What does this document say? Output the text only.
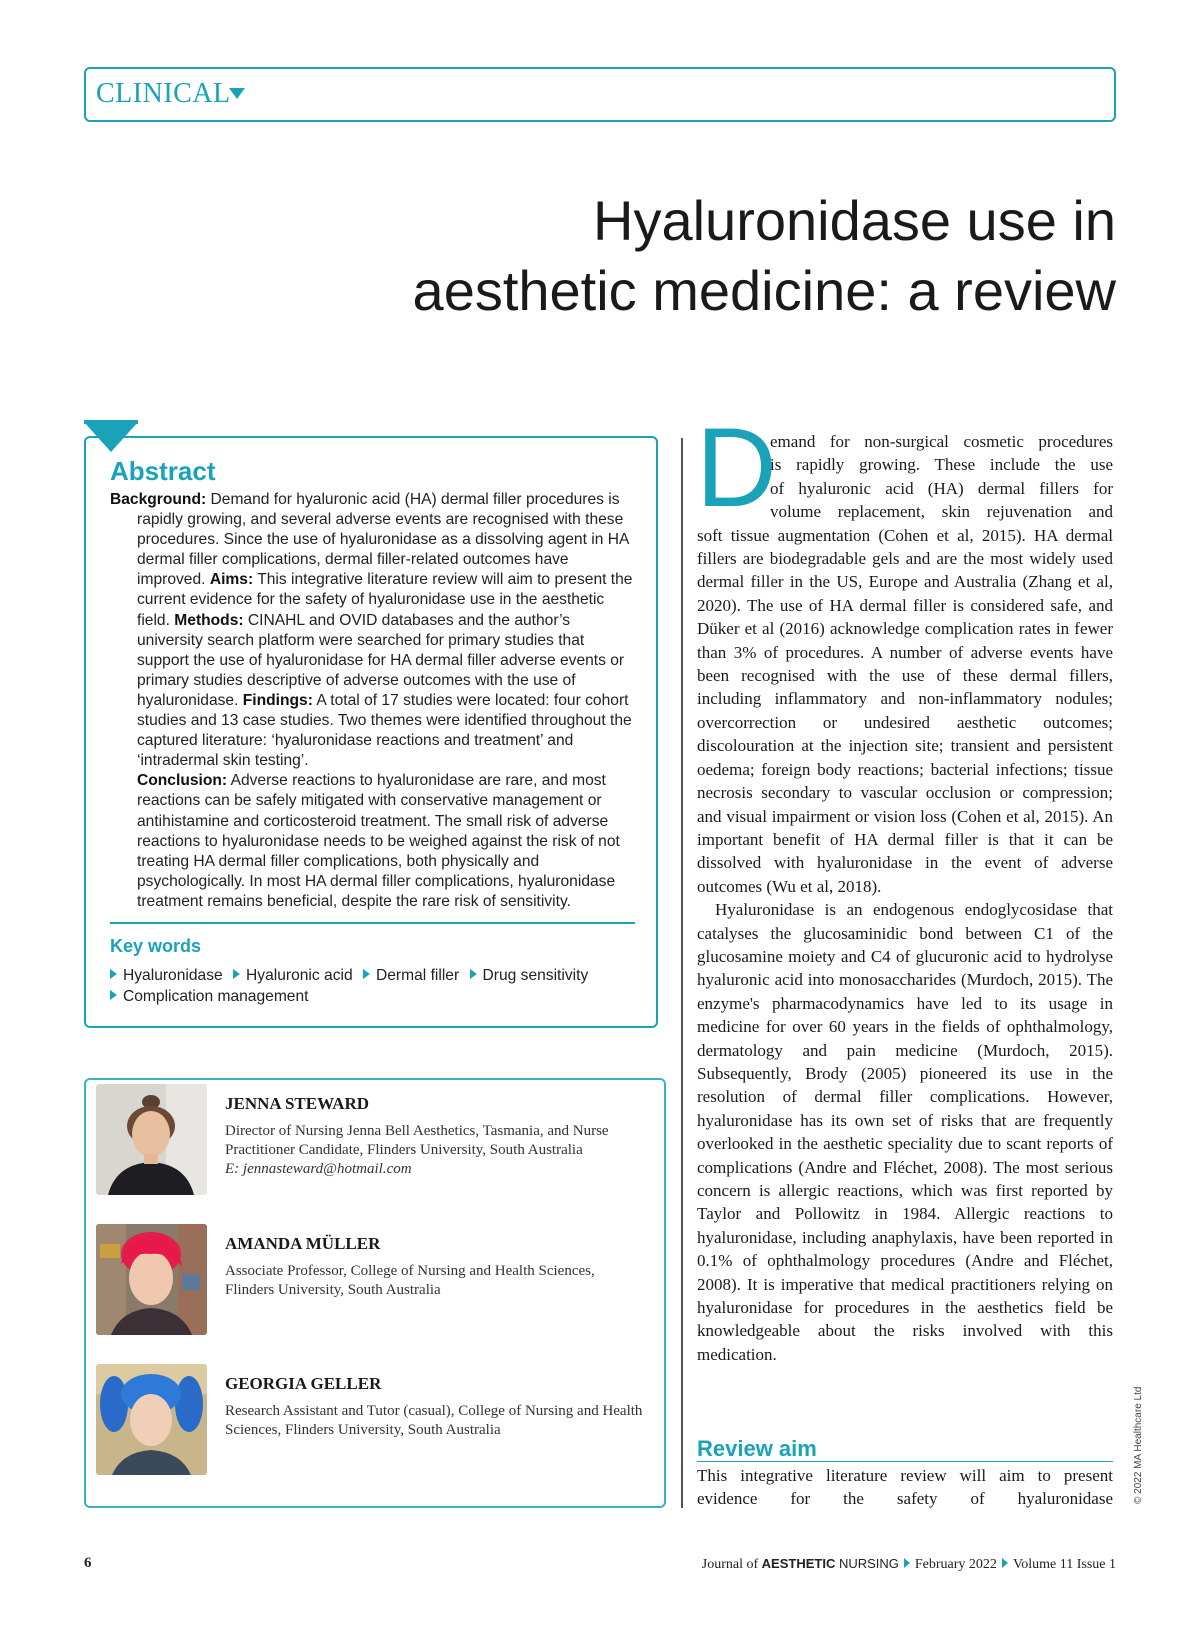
CLINICAL
Hyaluronidase use in aesthetic medicine: a review
Abstract

Background: Demand for hyaluronic acid (HA) dermal filler procedures is rapidly growing, and several adverse events are recognised with these procedures. Since the use of hyaluronidase as a dissolving agent in HA dermal filler complications, dermal filler-related outcomes have improved. Aims: This integrative literature review will aim to present the current evidence for the safety of hyaluronidase use in the aesthetic field. Methods: CINAHL and OVID databases and the author’s university search platform were searched for primary studies that support the use of hyaluronidase for HA dermal filler adverse events or primary studies descriptive of adverse outcomes with the use of hyaluronidase. Findings: A total of 17 studies were located: four cohort studies and 13 case studies. Two themes were identified throughout the captured literature: ‘hyaluronidase reactions and treatment’ and ‘intradermal skin testing’.

Conclusion: Adverse reactions to hyaluronidase are rare, and most reactions can be safely mitigated with conservative management or antihistamine and corticosteroid treatment. The small risk of adverse reactions to hyaluronidase needs to be weighed against the risk of not treating HA dermal filler complications, both physically and psychologically. In most HA dermal filler complications, hyaluronidase treatment remains beneficial, despite the rare risk of sensitivity.

Key words
Hyaluronidase Hyaluronic acid Dermal filler Drug sensitivity
Complication management
JENNA STEWARD
Director of Nursing Jenna Bell Aesthetics, Tasmania, and Nurse Practitioner Candidate, Flinders University, South Australia
E: jennasteward@hotmail.com
AMANDA MÜLLER
Associate Professor, College of Nursing and Health Sciences, Flinders University, South Australia
GEORGIA GELLER
Research Assistant and Tutor (casual), College of Nursing and Health Sciences, Flinders University, South Australia
D

emand for non-surgical cosmetic procedures

is rapidly growing. These include the use

of hyaluronic acid (HA) dermal fillers for

volume replacement, skin rejuvenation and

soft tissue augmentation (Cohen et al, 2015). HA dermal fillers are biodegradable gels and are the most widely used dermal filler in the US, Europe and Australia (Zhang et al, 2020). The use of HA dermal filler is considered safe, and Düker et al (2016) acknowledge complication rates in fewer than 3% of procedures. A number of adverse events have been recognised with the use of these dermal fillers, including inflammatory and non-inflammatory nodules; overcorrection or undesired aesthetic outcomes; discolouration at the injection site; transient and persistent oedema; foreign body reactions; bacterial infections; tissue necrosis secondary to vascular occlusion or compression; and visual impairment or vision loss (Cohen et al, 2015). An important benefit of HA dermal filler is that it can be dissolved with hyaluronidase in the event of adverse outcomes (Wu et al, 2018).

Hyaluronidase is an endogenous endoglycosidase that catalyses the glucosaminidic bond between C1 of the glucosamine moiety and C4 of glucuronic acid to hydrolyse hyaluronic acid into monosaccharides (Murdoch, 2015). The enzyme's pharmacodynamics have led to its usage in medicine for over 60 years in the fields of ophthalmology, dermatology and pain medicine (Murdoch, 2015). Subsequently, Brody (2005) pioneered its use in the resolution of dermal filler complications. However, hyaluronidase has its own set of risks that are frequently overlooked in the aesthetic speciality due to scant reports of complications (Andre and Fléchet, 2008). The most serious concern is allergic reactions, which was first reported by Taylor and Pollowitz in 1984. Allergic reactions to hyaluronidase, including anaphylaxis, have been reported in 0.1% of ophthalmology procedures (Andre and Fléchet, 2008). It is imperative that medical practitioners relying on hyaluronidase for procedures in the aesthetics field be knowledgeable about the risks involved with this medication.

Review aim
This integrative literature review will aim to present evidence for the safety of hyaluronidase © 2022 MA Healthcare Ltd
6	Journal of AESTHETIC NURSING February 2022 Volume 11 Issue 1
